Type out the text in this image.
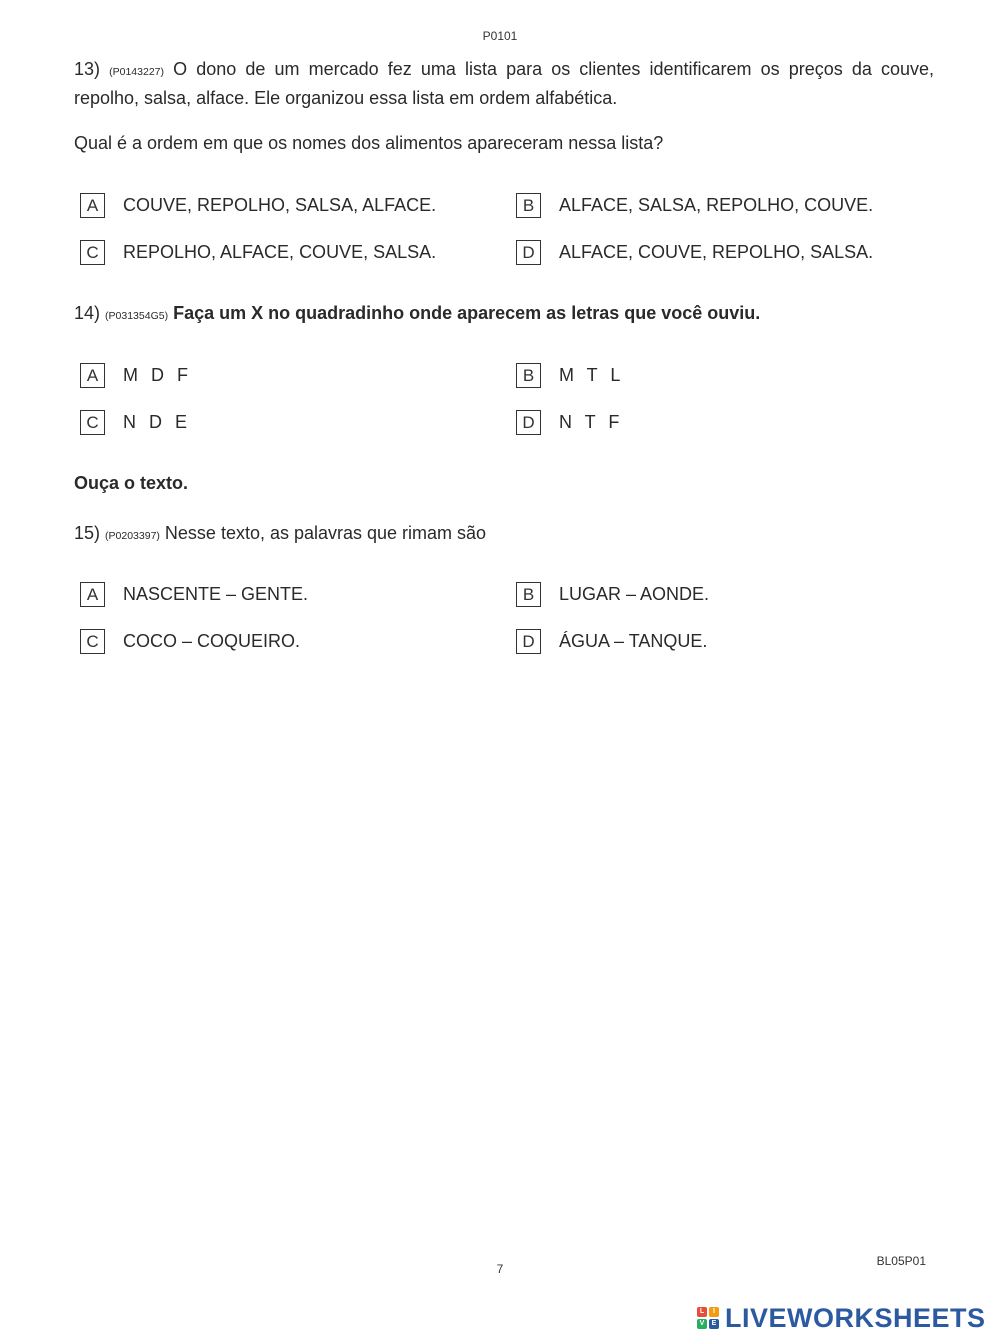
P0101

13) (P0143227) O dono de um mercado fez uma lista para os clientes identificarem os preços da couve, repolho, salsa, alface. Ele organizou essa lista em ordem alfabética.

Qual é a ordem em que os nomes dos alimentos apareceram nessa lista?

A	COUVE, REPOLHO, SALSA, ALFACE.	B	ALFACE, SALSA, REPOLHO, COUVE.
C	REPOLHO, ALFACE, COUVE, SALSA.	D	ALFACE, COUVE, REPOLHO, SALSA.

14) (P031354G5) Faça um X no quadradinho onde aparecem as letras que você ouviu.

A	M D F	B	M T L
C	N D E	D	N T F

Ouça o texto.

15) (P0203397) Nesse texto, as palavras que rimam são

A	NASCENTE – GENTE.	B	LUGAR – AONDE.
C	COCO – COQUEIRO.	D	ÁGUA – TANQUE.
7
BL05P01
L	I
V	E LIVEWORKSHEETS
